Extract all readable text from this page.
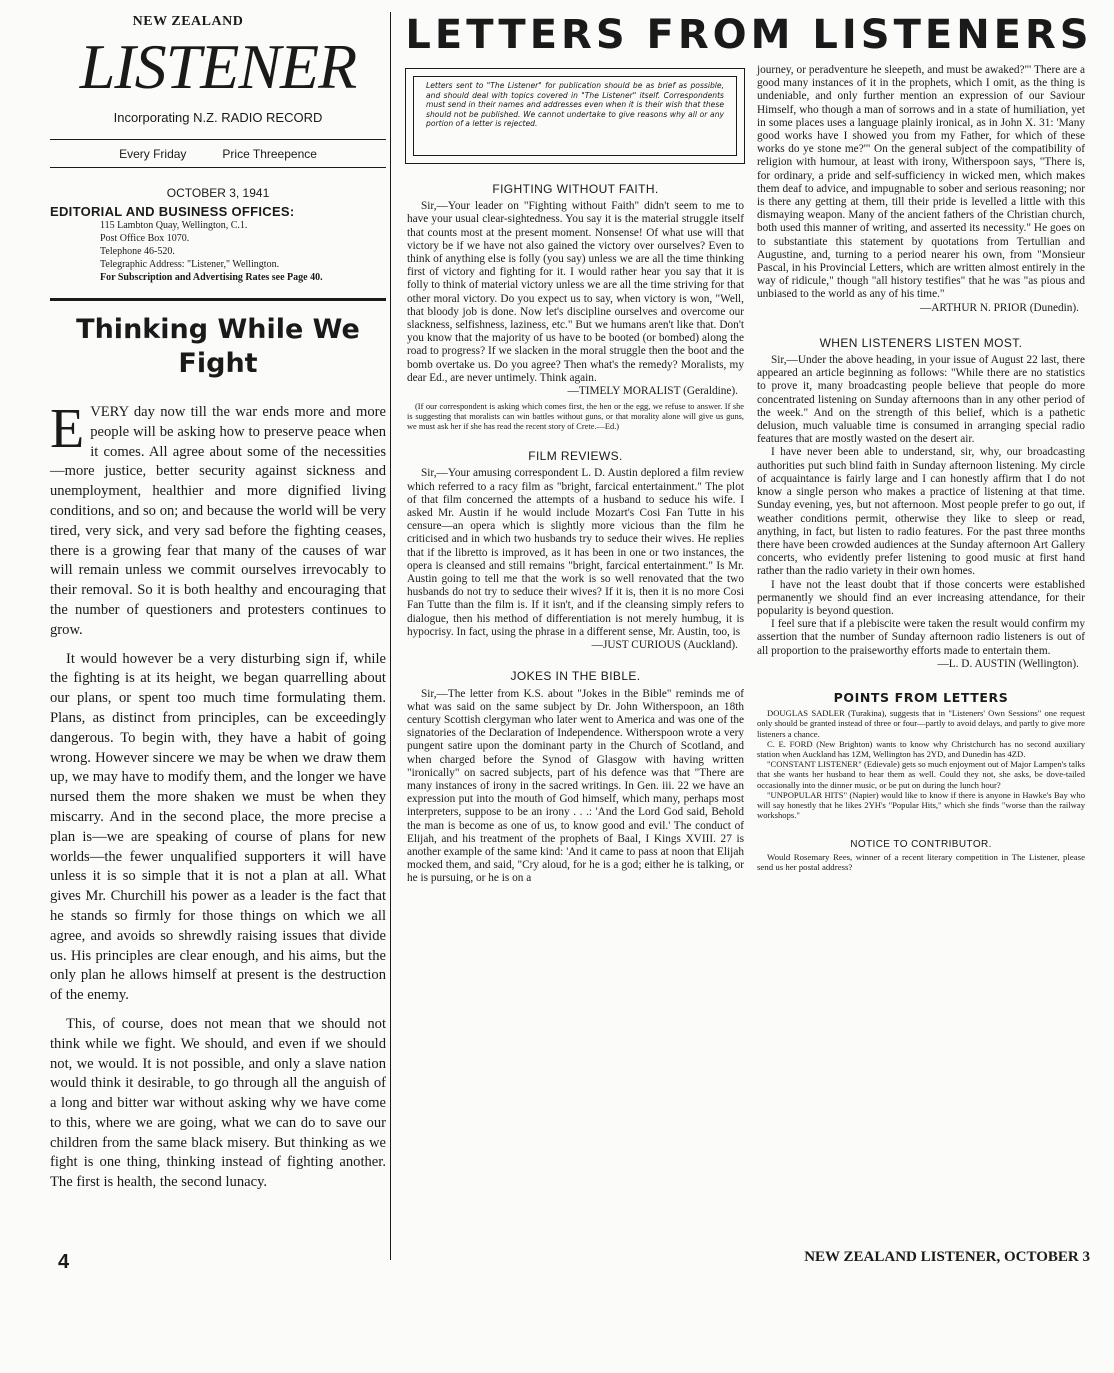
NEW ZEALAND
LISTENER
Incorporating N.Z. RADIO RECORD
Every Friday	Price Threepence
OCTOBER 3, 1941
EDITORIAL AND BUSINESS OFFICES:
115 Lambton Quay, Wellington, C.1.
Post Office Box 1070.
Telephone 46-520.
Telegraphic Address: "Listener," Wellington.
For Subscription and Advertising Rates see Page 40.
Thinking While We Fight

EVERY day now till the war ends more and more people will be asking how to preserve peace when it comes. All agree about some of the necessities—more justice, better security against sickness and unemployment, healthier and more dignified living conditions, and so on; and because the world will be very tired, very sick, and very sad before the fighting ceases, there is a growing fear that many of the causes of war will remain unless we commit ourselves irrevocably to their removal. So it is both healthy and encouraging that the number of questioners and protesters continues to grow.

It would however be a very disturbing sign if, while the fighting is at its height, we began quarrelling about our plans, or spent too much time formulating them. Plans, as distinct from principles, can be exceedingly dangerous. To begin with, they have a habit of going wrong. However sincere we may be when we draw them up, we may have to modify them, and the longer we have nursed them the more shaken we must be when they miscarry. And in the second place, the more precise a plan is—we are speaking of course of plans for new worlds—the fewer unqualified supporters it will have unless it is so simple that it is not a plan at all. What gives Mr. Churchill his power as a leader is the fact that he stands so firmly for those things on which we all agree, and avoids so shrewdly raising issues that divide us. His principles are clear enough, and his aims, but the only plan he allows himself at present is the destruction of the enemy.

This, of course, does not mean that we should not think while we fight. We should, and even if we should not, we would. It is not possible, and only a slave nation would think it desirable, to go through all the anguish of a long and bitter war without asking why we have come to this, where we are going, what we can do to save our children from the same black misery. But thinking as we fight is one thing, thinking instead of fighting another. The first is health, the second lunacy.

4
LETTERS FROM LISTENERS
Letters sent to "The Listener" for publication should be as brief as possible, and should deal with topics covered in "The Listener" itself. Correspondents must send in their names and addresses even when it is their wish that these should not be published. We cannot undertake to give reasons why all or any portion of a letter is rejected.
FIGHTING WITHOUT FAITH.

Sir,—Your leader on "Fighting without Faith" didn't seem to me to have your usual clear-sightedness. You say it is the material struggle itself that counts most at the present moment. Nonsense! Of what use will that victory be if we have not also gained the victory over ourselves? Even to think of anything else is folly (you say) unless we are all the time thinking first of victory and fighting for it. I would rather hear you say that it is folly to think of material victory unless we are all the time striving for that other moral victory. Do you expect us to say, when victory is won, "Well, that bloody job is done. Now let's discipline ourselves and overcome our slackness, selfishness, laziness, etc." But we humans aren't like that. Don't you know that the majority of us have to be booted (or bombed) along the road to progress? If we slacken in the moral struggle then the boot and the bomb overtake us. Do you agree? Then what's the remedy? Moralists, my dear Ed., are never untimely. Think again.

—TIMELY MORALIST (Geraldine).

(If our correspondent is asking which comes first, the hen or the egg, we refuse to answer. If she is suggesting that moralists can win battles without guns, or that morality alone will give us guns, we must ask her if she has read the recent story of Crete.—Ed.)

FILM REVIEWS.

Sir,—Your amusing correspondent L. D. Austin deplored a film review which referred to a racy film as "bright, farcical entertainment." The plot of that film concerned the attempts of a husband to seduce his wife. I asked Mr. Austin if he would include Mozart's Cosi Fan Tutte in his censure—an opera which is slightly more vicious than the film he criticised and in which two husbands try to seduce their wives. He replies that if the libretto is improved, as it has been in one or two instances, the opera is cleansed and still remains "bright, farcical entertainment." Is Mr. Austin going to tell me that the work is so well renovated that the two husbands do not try to seduce their wives? If it is, then it is no more Cosi Fan Tutte than the film is. If it isn't, and if the cleansing simply refers to dialogue, then his method of differentiation is not merely humbug, it is hypocrisy. In fact, using the phrase in a different sense, Mr. Austin, too, is

—JUST CURIOUS (Auckland).

JOKES IN THE BIBLE.

Sir,—The letter from K.S. about "Jokes in the Bible" reminds me of what was said on the same subject by Dr. John Witherspoon, an 18th century Scottish clergyman who later went to America and was one of the signatories of the Declaration of Independence. Witherspoon wrote a very pungent satire upon the dominant party in the Church of Scotland, and when charged before the Synod of Glasgow with having written "ironically" on sacred subjects, part of his defence was that "There are many instances of irony in the sacred writings. In Gen. iii. 22 we have an expression put into the mouth of God himself, which many, perhaps most interpreters, suppose to be an irony . . .: 'And the Lord God said, Behold the man is become as one of us, to know good and evil.' The conduct of Elijah, and his treatment of the prophets of Baal, I Kings XVIII. 27 is another example of the same kind: 'And it came to pass at noon that Elijah mocked them, and said, "Cry aloud, for he is a god; either he is talking, or he is pursuing, or he is on a

journey, or peradventure he sleepeth, and must be awaked?"' There are a good many instances of it in the prophets, which I omit, as the thing is undeniable, and only further mention an expression of our Saviour Himself, who though a man of sorrows and in a state of humiliation, yet in some places uses a language plainly ironical, as in John X. 31: 'Many good works have I showed you from my Father, for which of these works do ye stone me?'" On the general subject of the compatibility of religion with humour, at least with irony, Witherspoon says, "There is, for ordinary, a pride and self-sufficiency in wicked men, which makes them deaf to advice, and impugnable to sober and serious reasoning; nor is there any getting at them, till their pride is levelled a little with this dismaying weapon. Many of the ancient fathers of the Christian church, both used this manner of writing, and asserted its necessity." He goes on to substantiate this statement by quotations from Tertullian and Augustine, and, turning to a period nearer his own, from "Monsieur Pascal, in his Provincial Letters, which are written almost entirely in the way of ridicule," though "all history testifies" that he was "as pious and unbiased to the world as any of his time."

—ARTHUR N. PRIOR (Dunedin).

WHEN LISTENERS LISTEN MOST.

Sir,—Under the above heading, in your issue of August 22 last, there appeared an article beginning as follows: "While there are no statistics to prove it, many broadcasting people believe that people do more concentrated listening on Sunday afternoons than in any other period of the week." And on the strength of this belief, which is a pathetic delusion, much valuable time is consumed in arranging special radio features that are mostly wasted on the desert air.

I have never been able to understand, sir, why, our broadcasting authorities put such blind faith in Sunday afternoon listening. My circle of acquaintance is fairly large and I can honestly affirm that I do not know a single person who makes a practice of listening at that time. Sunday evening, yes, but not afternoon. Most people prefer to go out, if weather conditions permit, otherwise they like to sleep or read, anything, in fact, but listen to radio features. For the past three months there have been crowded audiences at the Sunday afternoon Art Gallery concerts, who evidently prefer listening to good music at first hand rather than the radio variety in their own homes.

I have not the least doubt that if those concerts were established permanently we should find an ever increasing attendance, for their popularity is beyond question.

I feel sure that if a plebiscite were taken the result would confirm my assertion that the number of Sunday afternoon radio listeners is out of all proportion to the praiseworthy efforts made to entertain them.

—L. D. AUSTIN (Wellington).

POINTS FROM LETTERS

DOUGLAS SADLER (Turakina), suggests that in "Listeners' Own Sessions" one request only should be granted instead of three or four—partly to avoid delays, and partly to give more listeners a chance.

C. E. FORD (New Brighton) wants to know why Christchurch has no second auxiliary station when Auckland has 1ZM, Wellington has 2YD, and Dunedin has 4ZD.

"CONSTANT LISTENER" (Edievale) gets so much enjoyment out of Major Lampen's talks that she wants her husband to hear them as well. Could they not, she asks, be dove-tailed occasionally into the dinner music, or be put on during the lunch hour?

"UNPOPULAR HITS" (Napier) would like to know if there is anyone in Hawke's Bay who will say honestly that he likes 2YH's "Popular Hits," which she finds "worse than the railway workshops."

NOTICE TO CONTRIBUTOR.

Would Rosemary Rees, winner of a recent literary competition in The Listener, please send us her postal address?

NEW ZEALAND LISTENER, OCTOBER 3
